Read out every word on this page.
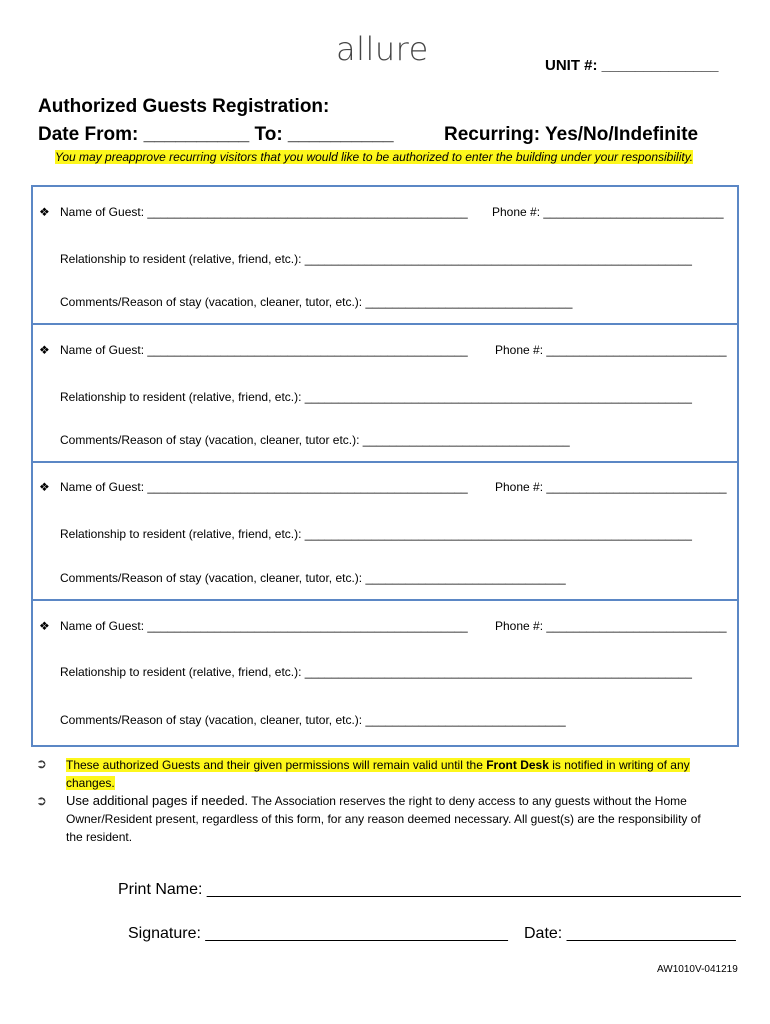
allure	UNIT #: ______________
Authorized Guests Registration:
Date From: __________ To: __________	Recurring: Yes/No/Indefinite
You may preapprove recurring visitors that you would like to be authorized to enter the building under your responsibility.
❖ Name of Guest: ________________________________________________ Phone #: ___________________________
Relationship to resident (relative, friend, etc.): __________________________________________________________
Comments/Reason of stay (vacation, cleaner, tutor, etc.): _______________________________
❖ Name of Guest: ________________________________________________ Phone #: ___________________________
Relationship to resident (relative, friend, etc.): __________________________________________________________
Comments/Reason of stay (vacation, cleaner, tutor etc.): _______________________________
❖ Name of Guest: ________________________________________________ Phone #: ___________________________
Relationship to resident (relative, friend, etc.): __________________________________________________________
Comments/Reason of stay (vacation, cleaner, tutor, etc.): ______________________________
❖ Name of Guest: ________________________________________________ Phone #: ___________________________
Relationship to resident (relative, friend, etc.): __________________________________________________________
Comments/Reason of stay (vacation, cleaner, tutor, etc.): ______________________________
➲ These authorized Guests and their given permissions will remain valid until the Front Desk is notified in writing of any changes.
➲ Use additional pages if needed. The Association reserves the right to deny access to any guests without the Home Owner/Resident present, regardless of this form, for any reason deemed necessary. All guest(s) are the responsibility of the resident.
Print Name: ____________________________________________________________
Signature: __________________________________ Date: ___________________
AW1010V-041219
